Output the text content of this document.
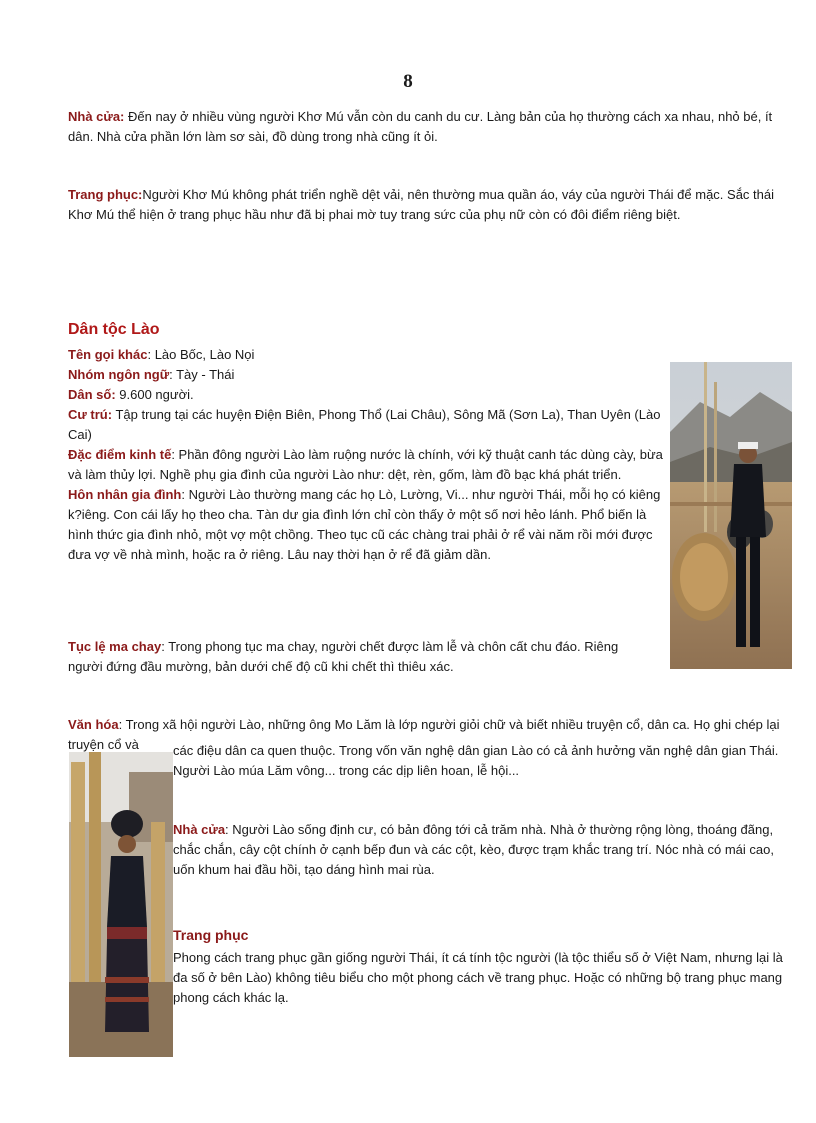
8

Nhà cửa: Đến nay ở nhiều vùng người Khơ Mú vẫn còn du canh du cư. Làng bản của họ thường cách xa nhau, nhỏ bé, ít dân. Nhà cửa phần lớn làm sơ sài, đồ dùng trong nhà cũng ít ỏi.

Trang phục:Người Khơ Mú không phát triển nghề dệt vải, nên thường mua quần áo, váy của người Thái để mặc. Sắc thái Khơ Mú thể hiện ở trang phục hầu như đã bị phai mờ tuy trang sức của phụ nữ còn có đôi điểm riêng biệt.

Dân tộc Lào

Tên gọi khác: Lào Bốc, Lào Nọi

Nhóm ngôn ngữ: Tày - Thái

Dân số: 9.600 người.

Cư trú: Tập trung tại các huyện Điện Biên, Phong Thổ (Lai Châu), Sông Mã (Sơn La), Than Uyên (Lào Cai)

Đặc điểm kinh tế: Phần đông người Lào làm ruộng nước là chính, với kỹ thuật canh tác dùng cày, bừa và làm thủy lợi. Nghề phụ gia đình của người Lào như: dệt, rèn, gốm, làm đồ bạc khá phát triển.

Hôn nhân gia đình: Người Lào thường mang các họ Lò, Lường, Vi... như người Thái, mỗi họ có kiêng k?iêng. Con cái lấy họ theo cha. Tàn dư gia đình lớn chỉ còn thấy ở một số nơi hẻo lánh. Phổ biến là hình thức gia đình nhỏ, một vợ một chồng. Theo tục cũ các chàng trai phải ở rể vài năm rồi mới được đưa vợ về nhà mình, hoặc ra ở riêng. Lâu nay thời hạn ở rể đã giảm dần.

Tục lệ ma chay: Trong phong tục ma chay, người chết được làm lễ và chôn cất chu đáo. Riêng người đứng đầu mường, bản dưới chế độ cũ khi chết thì thiêu xác.

Văn hóa: Trong xã hội người Lào, những ông Mo Lăm là lớp người giỏi chữ và biết nhiều truyện cổ, dân ca. Họ ghi chép lại truyện cổ và	các điệu dân ca quen thuộc. Trong vốn văn nghệ dân gian Lào có cả ảnh hưởng văn nghệ dân gian Thái. Người Lào múa Lăm vông... trong các dịp liên hoan, lễ hội...

Nhà cửa: Người Lào sống định cư, có bản đông tới cả trăm nhà. Nhà ở thường rộng lòng, thoáng đãng, chắc chắn, cây cột chính ở cạnh bếp đun và các cột, kèo, được trạm khắc trang trí. Nóc nhà có mái cao, uốn khum hai đầu hồi, tạo dáng hình mai rùa.

Trang phục

Phong cách trang phục gần giống người Thái, ít cá tính tộc người (là tộc thiểu số ở Việt Nam, nhưng lại là đa số ở bên Lào) không tiêu biểu cho một phong cách về trang phục. Hoặc có những bộ trang phục mang phong cách khác lạ.
